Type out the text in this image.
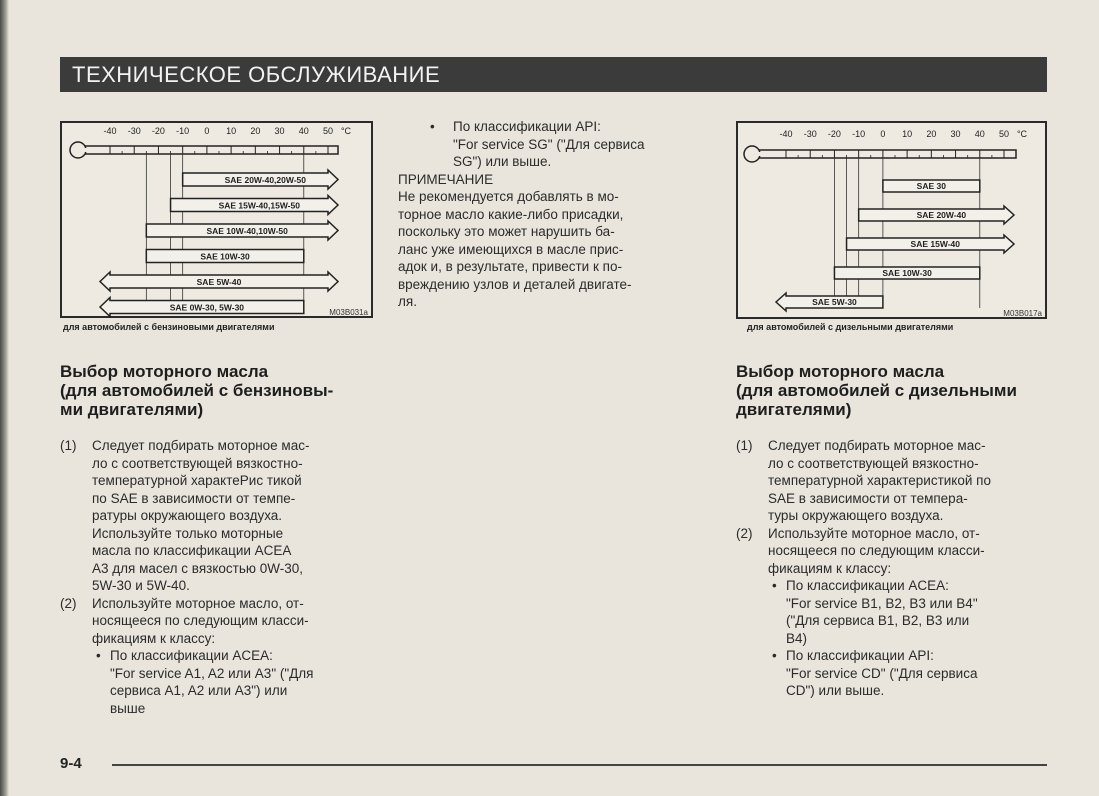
ТЕХНИЧЕСКОЕ ОБСЛУЖИВАНИЕ
-40 -30 -20 -10 0 10 20 30 40 50 °C
SAE 20W-40,20W-50
SAE 15W-40,15W-50
SAE 10W-40,10W-50
SAE 10W-30
SAE 5W-40
SAE 0W-30, 5W-30	M03B031a
для автомобилей с бензиновыми двигателями
-40 -30 -20 -10 0 10 20 30 40 50 °C
SAE 30
SAE 20W-40
SAE 15W-40
SAE 10W-30
SAE 5W-30
M03B017a
для автомобилей с дизельными двигателями
Выбор моторного масла
(для автомобилей с бензиновы-
ми двигателями)
(1) Следует подбирать моторное мас-

ло с соответствующей вязкостно-

температурной характеРис тикой

по SAE в зависимости от темпе-

ратуры окружающего воздуха.

Используйте только моторные

масла по классификации ACEA

A3 для масел с вязкостью 0W-30,

5W-30 и 5W-40.

(2) Используйте моторное масло, от-

носящееся по следующим класси-

фикациям к классу:

• По классификации ACEA:

"For service A1, A2 или A3" ("Для

сервиса A1, A2 или A3") или

выше

• По классификации API:

"For service SG" ("Для сервиса

SG") или выше.

ПРИМЕЧАНИЕ

Не рекомендуется добавлять в мо-

торное масло какие-либо присадки,

поскольку это может нарушить ба-

ланс уже имеющихся в масле прис-

адок и, в результате, привести к по-

вреждению узлов и деталей двигате-

ля.

Выбор моторного масла
(для автомобилей с дизельными
двигателями)
(1) Следует подбирать моторное мас-

ло с соответствующей вязкостно-

температурной характеристикой по

SAE в зависимости от темпера-

туры окружающего воздуха.

(2) Используйте моторное масло, от-

носящееся по следующим класси-

фикациям к классу:

• По классификации ACEA:

"For service B1, B2, B3 или B4"

("Для сервиса B1, B2, B3 или

B4)

• По классификации API:

"For service CD" ("Для сервиса

CD") или выше.

9-4
